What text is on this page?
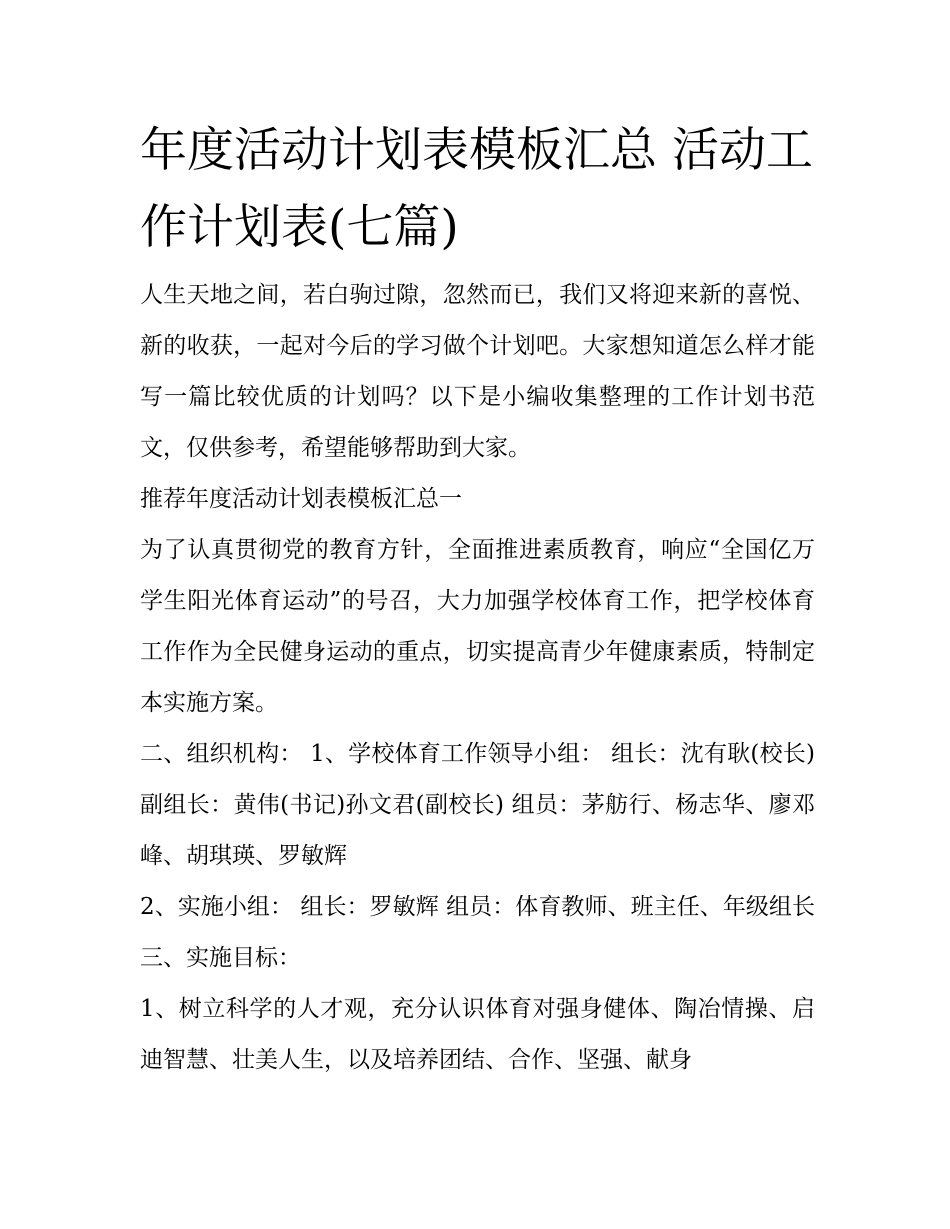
年度活动计划表模板汇总 活动工作计划表(七篇)

人生天地之间，若白驹过隙，忽然而已，我们又将迎来新的喜悦、新的收获，一起对今后的学习做个计划吧。大家想知道怎么样才能写一篇比较优质的计划吗？以下是小编收集整理的工作计划书范文，仅供参考，希望能够帮助到大家。

推荐年度活动计划表模板汇总一

为了认真贯彻党的教育方针，全面推进素质教育，响应“全国亿万学生阳光体育运动”的号召，大力加强学校体育工作，把学校体育工作作为全民健身运动的重点，切实提高青少年健康素质，特制定本实施方案。

二、组织机构： 1、学校体育工作领导小组： 组长：沈有耿(校长) 副组长：黄伟(书记)孙文君(副校长) 组员：茅舫行、杨志华、廖邓峰、胡琪瑛、罗敏辉

2、实施小组： 组长：罗敏辉 组员：体育教师、班主任、年级组长 三、实施目标：

1、树立科学的人才观，充分认识体育对强身健体、陶冶情操、启迪智慧、壮美人生，以及培养团结、合作、坚强、献身
